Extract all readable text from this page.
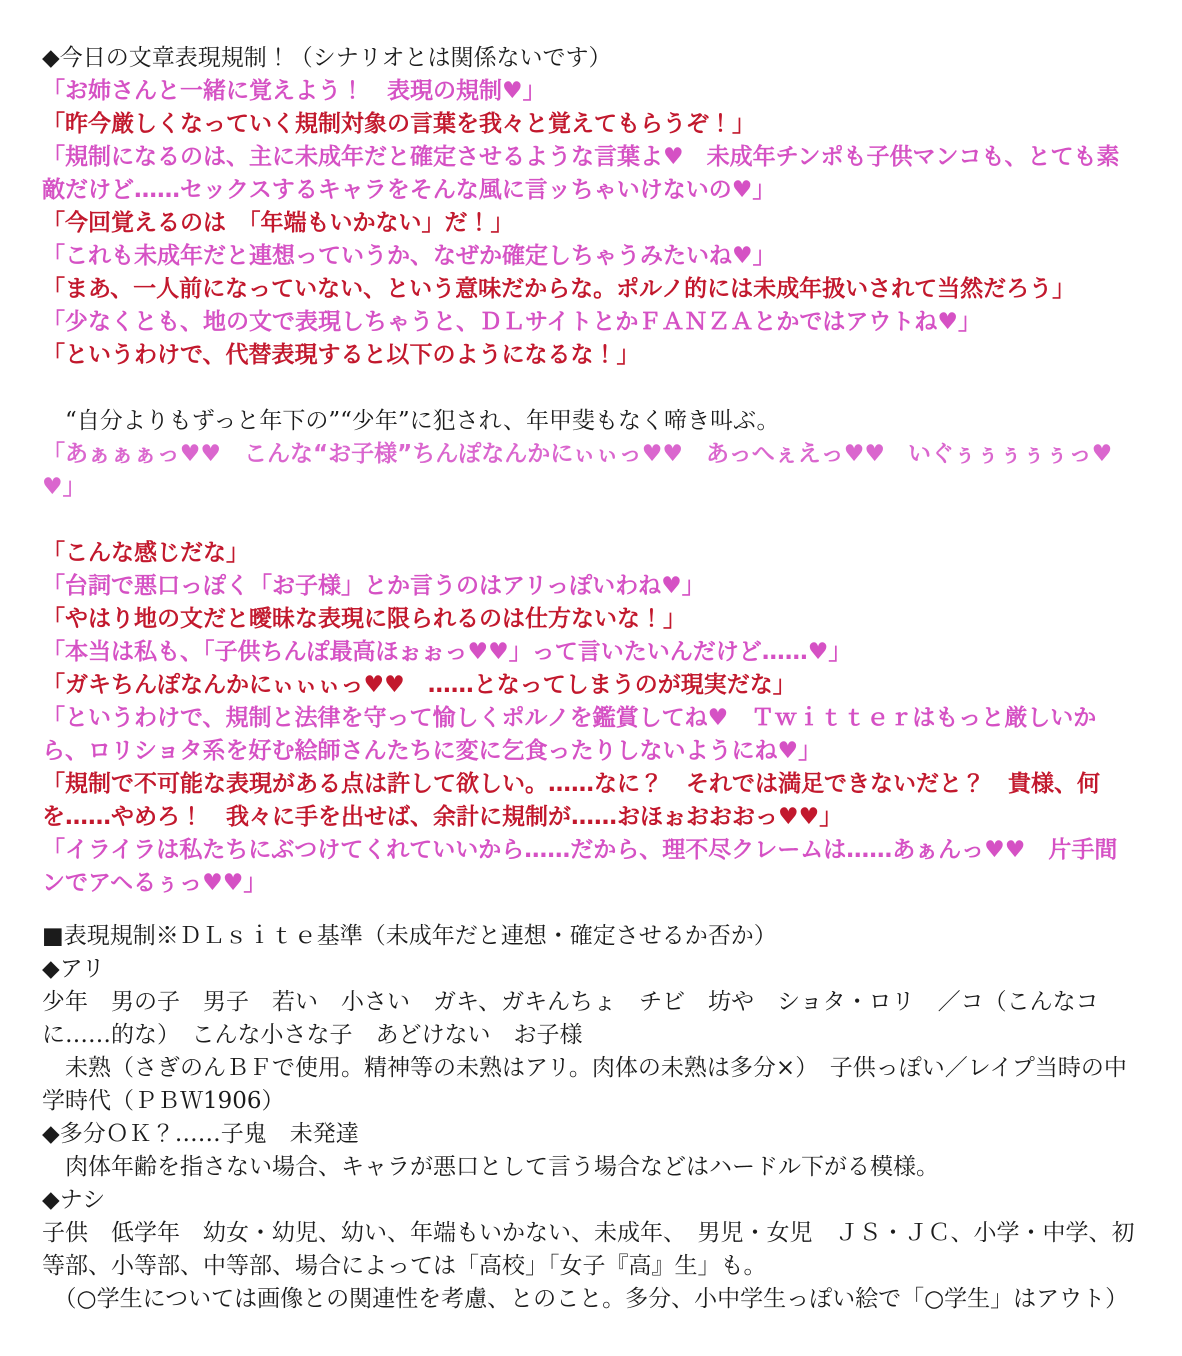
◆今日の文章表現規制！（シナリオとは関係ないです）

「お姉さんと一緒に覚えよう！　表現の規制♥」

「昨今厳しくなっていく規制対象の言葉を我々と覚えてもらうぞ！」

「規制になるのは、主に未成年だと確定させるような言葉よ♥　未成年チンポも子供マンコも、とても素敵だけど……セックスするキャラをそんな風に言ッちゃいけないの♥」

「今回覚えるのは　「年端もいかない」だ！」

「これも未成年だと連想っていうか、なぜか確定しちゃうみたいね♥」

「まあ、一人前になっていない、という意味だからな。ポルノ的には未成年扱いされて当然だろう」

「少なくとも、地の文で表現しちゃうと、ＤＬサイトとかＦＡＮＺＡとかではアウトね♥」

「というわけで、代替表現すると以下のようになるな！」

　“自分よりもずっと年下の”“少年”に犯され、年甲斐もなく啼き叫ぶ。

「あぁぁぁっ♥♥　こんな“お子様”ちんぽなんかにぃぃっ♥♥　あっへぇえっ♥♥　いぐぅぅぅぅぅっ♥♥」

「こんな感じだな」

「台詞で悪口っぽく「お子様」とか言うのはアリっぽいわね♥」

「やはり地の文だと曖昧な表現に限られるのは仕方ないな！」

「本当は私も、「子供ちんぽ最高ほぉぉっ♥♥」って言いたいんだけど……♥」

「ガキちんぽなんかにぃぃぃっ♥♥　……となってしまうのが現実だな」

「というわけで、規制と法律を守って愉しくポルノを鑑賞してね♥　Ｔｗｉｔｔｅｒはもっと厳しいから、ロリショタ系を好む絵師さんたちに変に乞食ったりしないようにね♥」

「規制で不可能な表現がある点は許して欲しい。……なに？　それでは満足できないだと？　貴様、何を……やめろ！　我々に手を出せば、余計に規制が……おほぉおおおっ♥♥」

「イライラは私たちにぶつけてくれていいから……だから、理不尽クレームは……あぁんっ♥♥　片手間ンでアヘるぅっ♥♥」

■表現規制※ＤＬｓｉｔｅ基準（未成年だと連想・確定させるか否か）

◆アリ

少年　男の子　男子　若い　小さい　ガキ、ガキんちょ　チビ　坊や　ショタ・ロリ　／コ（こんなコに……的な）　こんな小さな子　あどけない　お子様

　未熟（さぎのんＢＦで使用。精神等の未熟はアリ。肉体の未熟は多分×）　子供っぽい／レイプ当時の中学時代（ＰＢＷ1906）

◆多分ＯＫ？……子鬼　未発達

　肉体年齢を指さない場合、キャラが悪口として言う場合などはハードル下がる模様。

◆ナシ

子供　低学年　幼女・幼児、幼い、年端もいかない、未成年、　男児・女児　ＪＳ・ＪＣ、小学・中学、初等部、小等部、中等部、場合によっては「高校」「女子『高』生」も。

　（○学生については画像との関連性を考慮、とのこと。多分、小中学生っぽい絵で「○学生」はアウト）
